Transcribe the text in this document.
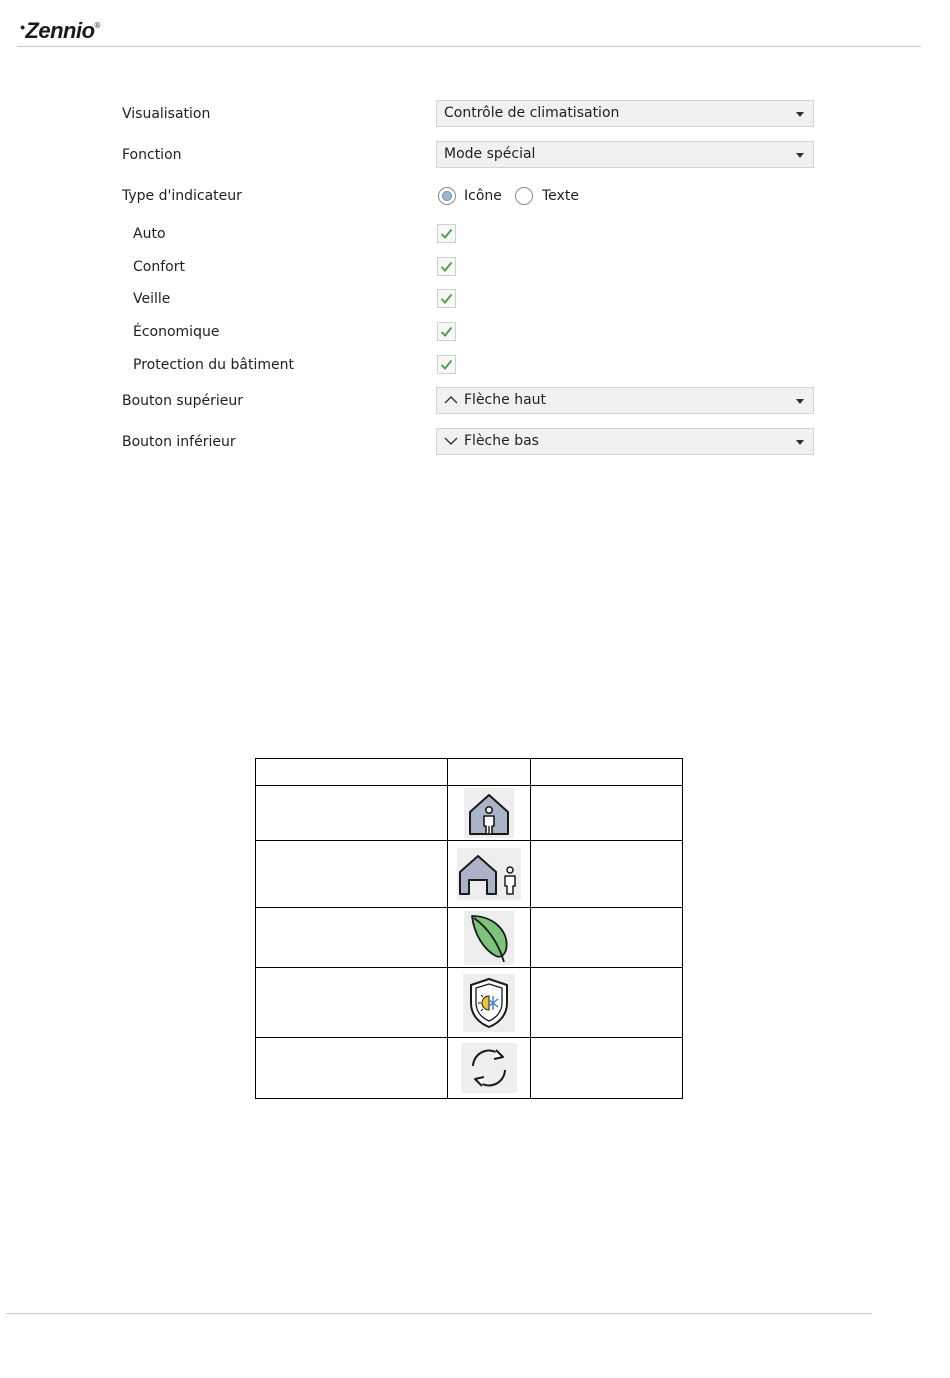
•Zennio®
Visualisation	Contrôle de climatisation
Fonction	Mode spécial
Type d'indicateur	Icône	Texte
Auto
Confort
Veille
Économique
Protection du bâtiment
Bouton supérieur	Flèche haut
Bouton inférieur	Flèche bas
